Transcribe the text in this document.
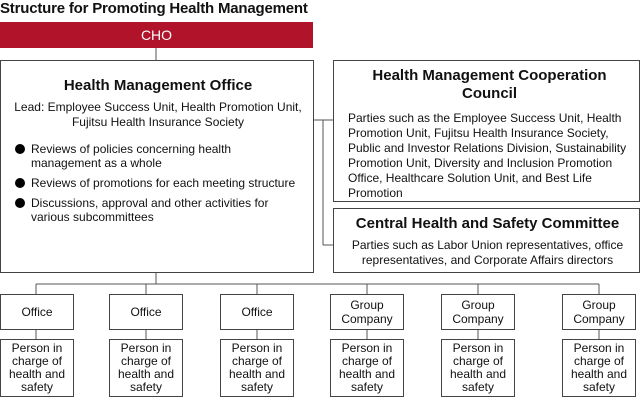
Structure for Promoting Health Management
CHO
Health Management Office
Lead: Employee Success Unit, Health Promotion Unit, Fujitsu Health Insurance Society
Reviews of policies concerning health management as a whole
Reviews of promotions for each meeting structure
Discussions, approval and other activities for various subcommittees
Health Management Cooperation Council
Parties such as the Employee Success Unit, Health Promotion Unit, Fujitsu Health Insurance Society, Public and Investor Relations Division, Sustainability Promotion Unit, Diversity and Inclusion Promotion Office, Healthcare Solution Unit, and Best Life Promotion
Central Health and Safety Committee
Parties such as Labor Union representatives, office representatives, and Corporate Affairs directors
Office	Office	Office	Group Company
Group Company
Group Company
Person in charge of health and safety
Person in charge of health and safety
Person in charge of health and safety
Person in charge of health and safety
Person in charge of health and safety
Person in charge of health and safety
